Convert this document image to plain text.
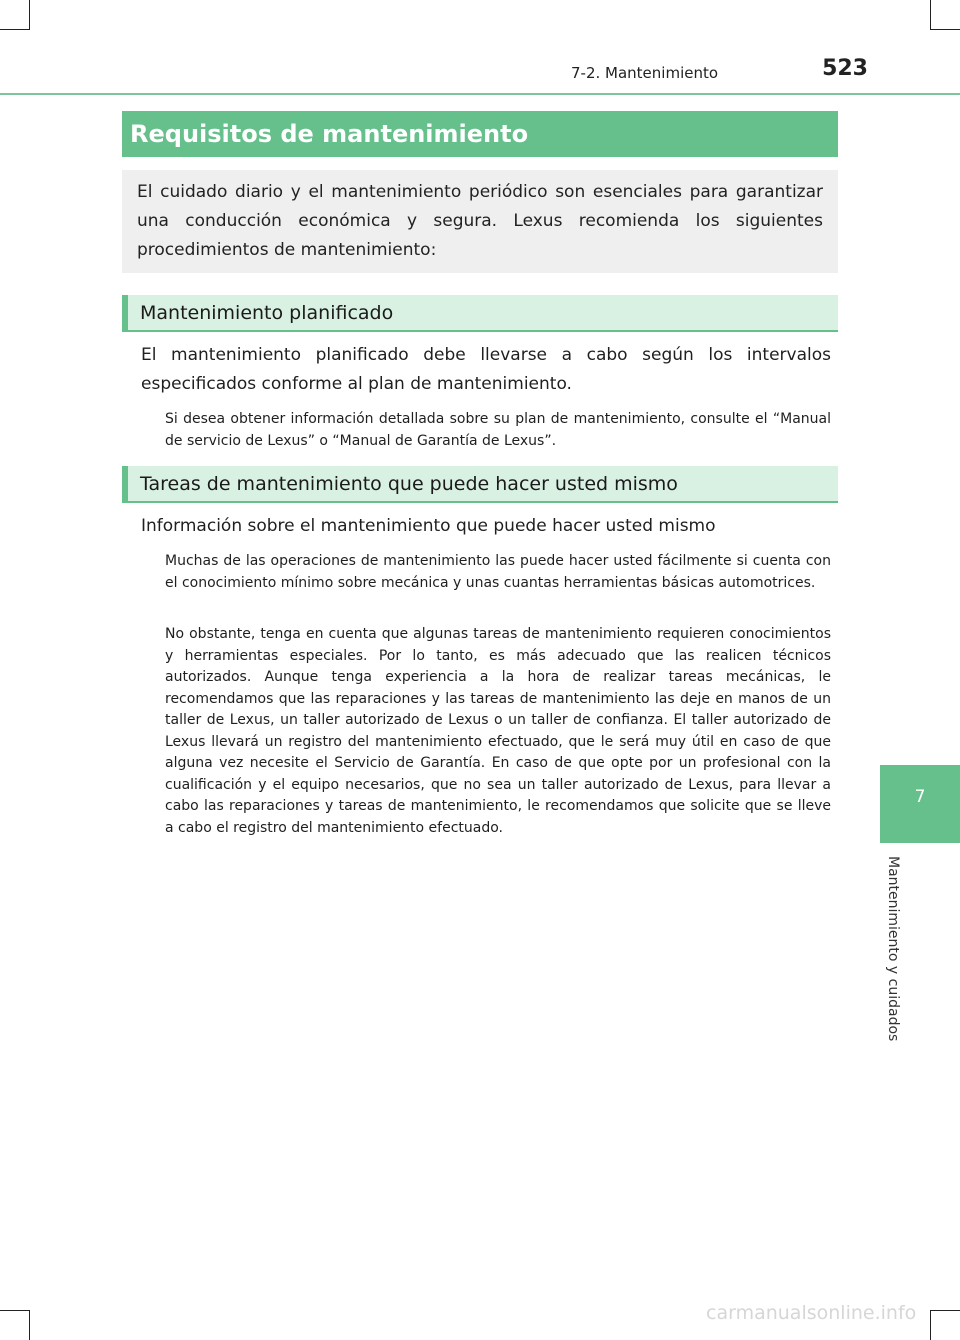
7-2. Mantenimiento	523
7
Mantenimiento y cuidados
Requisitos de mantenimiento

El cuidado diario y el mantenimiento periódico son esenciales para garantizar una conducción económica y segura. Lexus recomienda los siguientes procedimientos de mantenimiento:

Mantenimiento planificado

El mantenimiento planificado debe llevarse a cabo según los intervalos especificados conforme al plan de mantenimiento.

Si desea obtener información detallada sobre su plan de mantenimiento, consulte el “Manual de servicio de Lexus” o “Manual de Garantía de Lexus”.

Tareas de mantenimiento que puede hacer usted mismo

Información sobre el mantenimiento que puede hacer usted mismo

Muchas de las operaciones de mantenimiento las puede hacer usted fácilmente si cuenta con el conocimiento mínimo sobre mecánica y unas cuantas herramientas básicas automotrices.

No obstante, tenga en cuenta que algunas tareas de mantenimiento requieren conocimientos y herramientas especiales. Por lo tanto, es más adecuado que las realicen técnicos autorizados. Aunque tenga experiencia a la hora de realizar tareas mecánicas, le recomendamos que las reparaciones y las tareas de mantenimiento las deje en manos de un taller de Lexus, un taller autorizado de Lexus o un taller de confianza. El taller autorizado de Lexus llevará un registro del mantenimiento efectuado, que le será muy útil en caso de que alguna vez necesite el Servicio de Garantía. En caso de que opte por un profesional con la cualificación y el equipo necesarios, que no sea un taller autorizado de Lexus, para llevar a cabo las reparaciones y tareas de mantenimiento, le recomendamos que solicite que se lleve a cabo el registro del mantenimiento efectuado.

carmanualsonline.info
